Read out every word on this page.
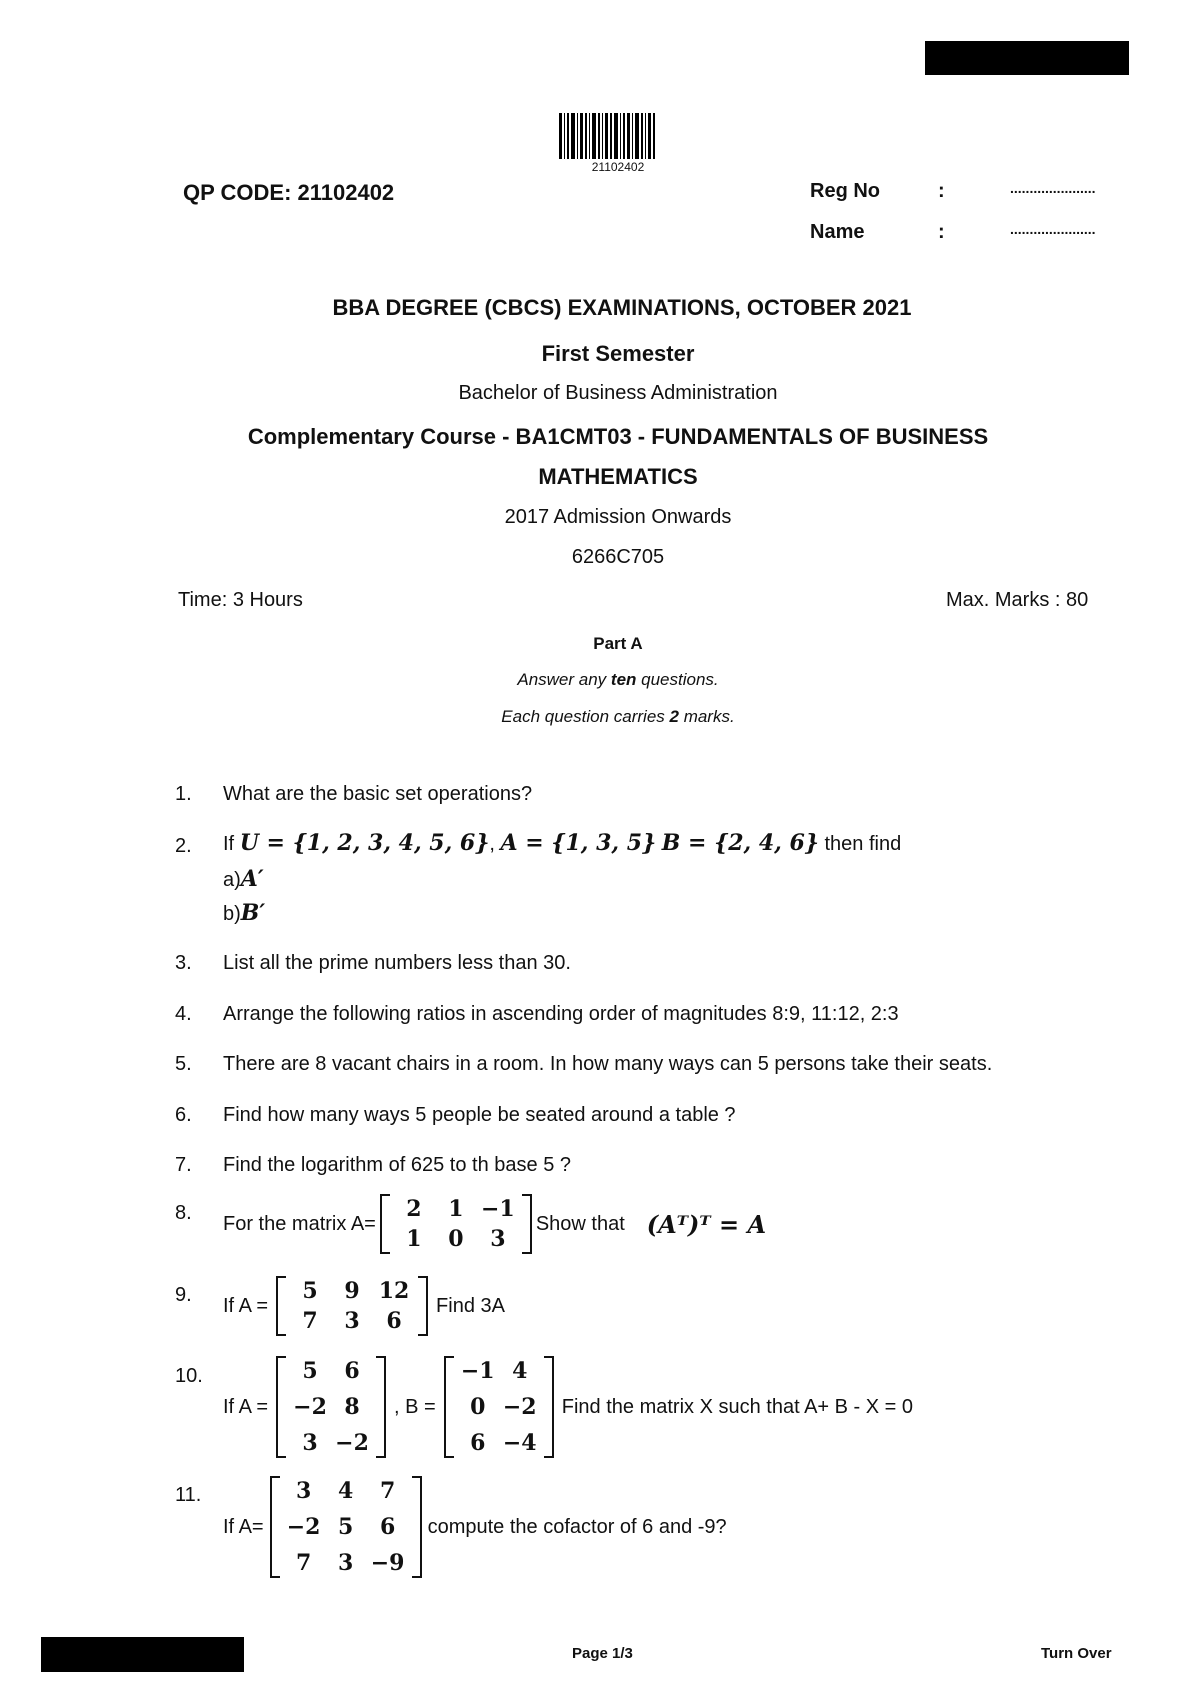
21102402
QP CODE: 21102402	Reg No	:	......................
Name	:	......................
BBA DEGREE (CBCS) EXAMINATIONS, OCTOBER 2021
First Semester
Bachelor of Business Administration
Complementary Course - BA1CMT03 - FUNDAMENTALS OF BUSINESS
MATHEMATICS
2017 Admission Onwards
6266C705
Time: 3 Hours	Max. Marks : 80
Part A
Answer any ten questions.
Each question carries 2 marks.
1.	What are the basic set operations?
2.	If U = {1, 2, 3, 4, 5, 6}, A = {1, 3, 5} B = {2, 4, 6} then find
a)A′
b)B′
3.	List all the prime numbers less than 30.
4.	Arrange the following ratios in ascending order of magnitudes 8:9, 11:12, 2:3
5.	There are 8 vacant chairs in a room. In how many ways can 5 persons take their seats.
6.	Find how many ways 5 people be seated around a table ?
7.	Find the logarithm of 625 to th base 5 ?
8.	For the matrix A=
2	1 −1
1	0	3
Show that (Aᵀ)ᵀ = A
9.	If A =
5	9 12
7	3	6
Find 3A
10.
If A =
5	6
−2 8
3 −2
, B =
−1 4
0 −2
6 −4
Find the matrix X such that A+ B - X = 0
11.
If A=
3	4	7
−2 5	6
7	3 −9
compute the cofactor of 6 and -9?
Page 1/3	Turn Over
